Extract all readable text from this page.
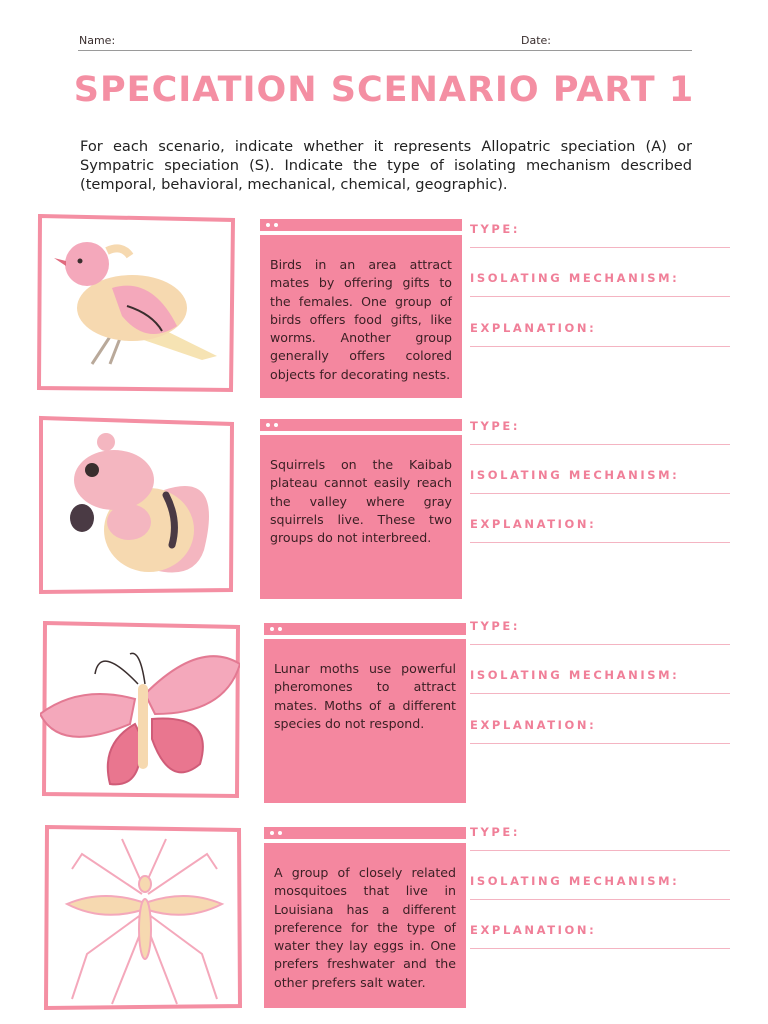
Name:	Date:
SPECIATION SCENARIO PART 1
For each scenario, indicate whether it represents Allopatric speciation (A) or Sympatric speciation (S). Indicate the type of isolating mechanism described (temporal, behavioral, mechanical, chemical, geographic).
Birds in an area attract mates by offering gifts to the females. One group of birds offers food gifts, like worms. Another group generally offers colored objects for decorating nests.
Squirrels on the Kaibab plateau cannot easily reach the valley where gray squirrels live. These two groups do not interbreed.
Lunar moths use powerful pheromones to attract mates. Moths of a different species do not respond.
A group of closely related mosquitoes that live in Louisiana has a different preference for the type of water they lay eggs in. One prefers freshwater and the other prefers salt water.
TYPE:
ISOLATING MECHANISM:
EXPLANATION:
TYPE:
ISOLATING MECHANISM:
EXPLANATION:
TYPE:
ISOLATING MECHANISM:
EXPLANATION:
TYPE:
ISOLATING MECHANISM:
EXPLANATION:
